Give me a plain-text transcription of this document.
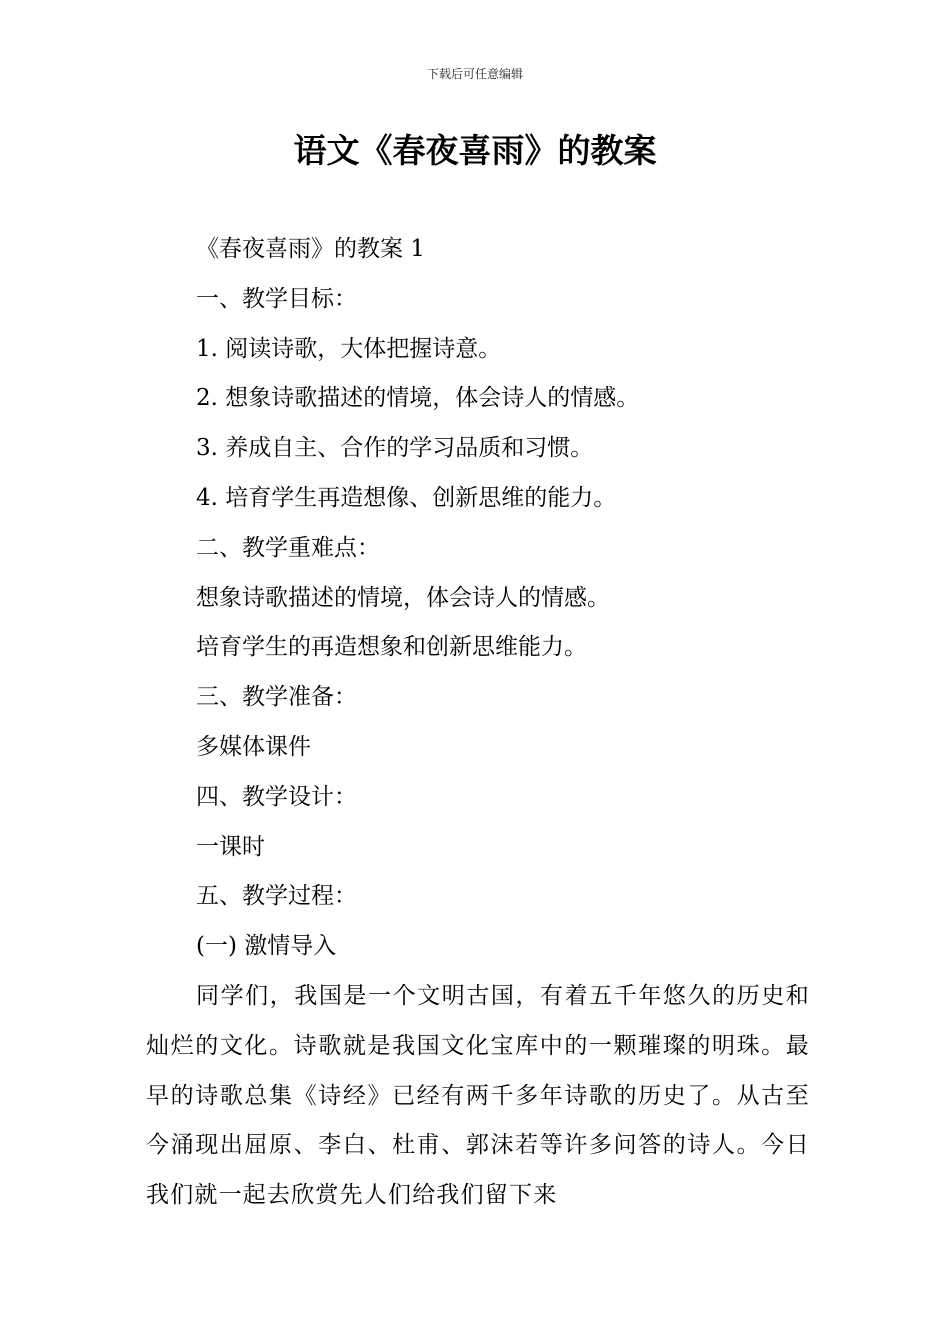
下载后可任意编辑
语文《春夜喜雨》的教案
《春夜喜雨》的教案 1
一、教学目标：
1. 阅读诗歌，大体把握诗意。
2. 想象诗歌描述的情境，体会诗人的情感。
3. 养成自主、合作的学习品质和习惯。
4. 培育学生再造想像、创新思维的能力。
二、教学重难点：
想象诗歌描述的情境，体会诗人的情感。
培育学生的再造想象和创新思维能力。
三、教学准备：
多媒体课件
四、教学设计：
一课时
五、教学过程：
(一) 激情导入

同学们，我国是一个文明古国，有着五千年悠久的历史和灿烂的文化。诗歌就是我国文化宝库中的一颗璀璨的明珠。最早的诗歌总集《诗经》已经有两千多年诗歌的历史了。从古至今涌现出屈原、李白、杜甫、郭沫若等许多问答的诗人。今日我们就一起去欣赏先人们给我们留下来
